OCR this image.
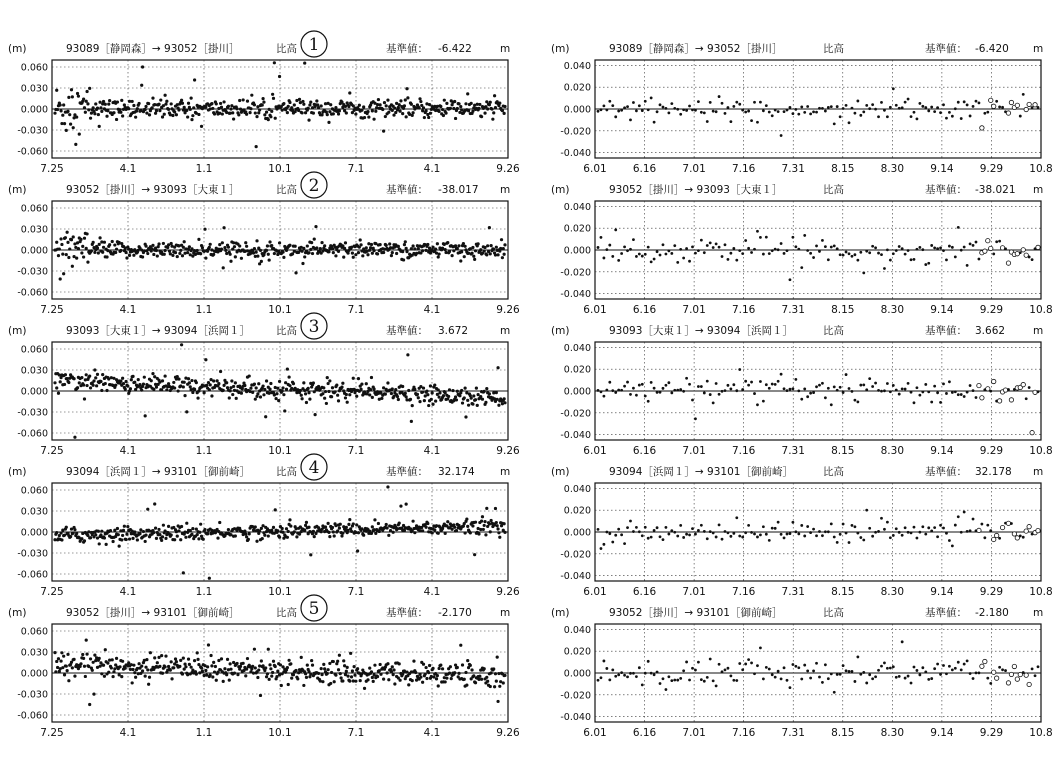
(m)	93089［静岡森］→ 93052［掛川］	比高	基準値： -6.422	m
1
0.060
0.030
0.000
-0.030
-0.060
7.25	4.1	1.1	10.1	7.1	4.1	9.26
(m)	93089［静岡森］→ 93052［掛川］	比高	基準値： -6.420 m
0.040
0.020
0.000
-0.020
-0.040
6.01 6.16 7.01 7.16 7.31 8.15 8.30 9.14 9.29 10.8
(m)	93052［掛川］→ 93093［大東１］	比高	基準値： -38.017 m
2
0.060
0.030
0.000
-0.030
-0.060
7.25	4.1	1.1	10.1	7.1	4.1	9.26
(m)	93052［掛川］→ 93093［大東１］	比高	基準値： -38.021 m
0.040
0.020
0.000
-0.020
-0.040
6.01 6.16 7.01 7.16 7.31 8.15 8.30 9.14 9.29 10.8
(m)	93093［大東１］→ 93094［浜岡１］ 比高	基準値： 3.672	m
3
0.060
0.030
0.000
-0.030
-0.060
7.25	4.1	1.1	10.1	7.1	4.1	9.26
(m)	93093［大東１］→ 93094［浜岡１］	比高	基準値： 3.662	m
0.040
0.020
0.000
-0.020
-0.040
6.01 6.16 7.01 7.16 7.31 8.15 8.30 9.14 9.29 10.8
(m)	93094［浜岡１］→ 93101［御前崎］ 比高	基準値： 32.174 m
4
0.060
0.030
0.000
-0.030
-0.060
7.25	4.1	1.1	10.1	7.1	4.1	9.26
(m)	93094［浜岡１］→ 93101［御前崎］	比高	基準値： 32.178 m
0.040
0.020
0.000
-0.020
-0.040
6.01 6.16 7.01 7.16 7.31 8.15 8.30 9.14 9.29 10.8
(m)	93052［掛川］→ 93101［御前崎］	比高	基準値： -2.170	m
5
0.060
0.030
0.000
-0.030
-0.060
7.25	4.1	1.1	10.1	7.1	4.1	9.26
(m)	93052［掛川］→ 93101［御前崎］	比高	基準値： -2.180 m
0.040
0.020
0.000
-0.020
-0.040
6.01 6.16 7.01 7.16 7.31 8.15 8.30 9.14 9.29 10.8
